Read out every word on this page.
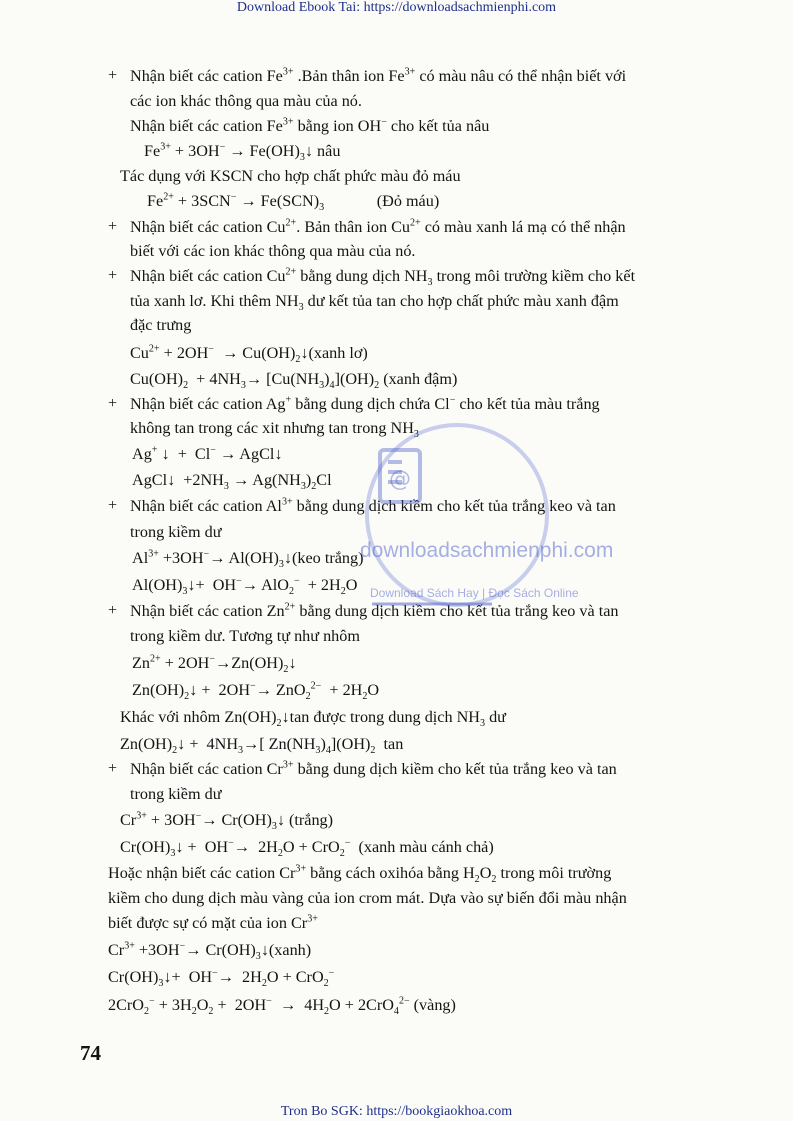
Download Ebook Tai: https://downloadsachmienphi.com
+
+
+
+
+
+
+
Nhận biết các cation $Fe^{3+}$ .Bản thân ion $Fe^{3+}$ có màu nâu có thể nhận biết với
các ion khác thông qua màu của nó.
Nhận biết các cation $Fe^{3+}$ bằng ion OH− cho kết tủa nâu
$Fe^{3+} + 3OH^-$ → $Fe(OH)_3↓$ nâu
Tác dụng với KSCN cho hợp chất phức màu đỏ máu
$Fe^{2+} + 3SCN^- \to Fe(SCN)_3$             (Đỏ máu)
Nhận biết các cation $Cu^{2+}$. Bản thân ion $Cu^{2+}$ có màu xanh lá mạ có thể nhận
biết với các ion khác thông qua màu của nó.
Nhận biết các cation $Cu^{2+}$ bằng dung dịch $NH_3$ trong môi trường kiềm cho kết
tủa xanh lơ. Khi thêm $NH_3$ dư kết tủa tan cho hợp chất phức màu xanh đậm
đặc trưng
$Cu^{2+} + 2OH^-$  → $Cu(OH)_2↓(xanh$ lơ)
$Cu(OH)_2 + 4NH_3\to [Cu(NH_3)_4](OH)_2$ (xanh đậm)
Nhận biết các cation Ag+ bằng dung dịch chứa Cl− cho kết tủa màu trắng
không tan trong các xit nhưng tan trong $NH_3$
Ag+ ↓  +  Cl− → AgCl↓
AgCl↓  $+2NH_3 \to Ag(NH_3)_2Cl$
Nhận biết các cation $Al^{3+}$ bằng dung dịch kiềm cho kết tủa trắng keo và tan
trong kiềm dư
$Al^{3+} +3OH^-\to$ $Al(OH)_3↓(keo$ trắng)
$Al(OH)_3↓+ OH^-\to AlO_2^- + 2H_2O$
Nhận biết các cation $Zn^{2+}$ bằng dung dịch kiềm cho kết tủa trắng keo và tan
trong kiềm dư. Tương tự như nhôm
$Zn^{2+}$ + $2OH^-\to Zn(OH)_2↓$
$Zn(OH)_2↓ + 2OH^-\to ZnO_2^{2-} + 2H_2O$
Khác với nhôm $Zn(OH)_2↓\tan$ được trong dung dịch $NH_3$ dư
$Zn(OH)_2↓ + 4NH_3\to$[ $Zn(NH_3)_4](OH)_2$  tan
Nhận biết các cation $Cr^{3+}$ bằng dung dịch kiềm cho kết tủa trắng keo và tan
trong kiềm dư
$Cr^{3+} + 3OH^-\to$ $Cr(OH)_3↓$ (trắng)
$Cr(OH)_3↓ + OH^-\to 2H_2O + CrO_2^-$  (xanh màu cánh chả)
Hoặc nhận biết các cation $Cr^{3+}$ bằng cách oxihóa bằng $H_2O_2$ trong môi trường
kiềm cho dung dịch màu vàng của ion crom mát. Dựa vào sự biến đổi màu nhận
biết được sự có mặt của ion $Cr^{3+}$
$Cr^{3+} +3OH^-\to$ $Cr(OH)_3↓(xanh)$
$Cr(OH)_3↓+ OH^-\to 2H_2O + CrO_2^-$
$2CrO_2^- + 3H_2O_2 + 2OH^- \to 4H_2O + 2CrO_4^{2-}$ (vàng)
@
downloadsachmienphi.com
Download Sách Hay | Đọc Sách Online
74
Tron Bo SGK: https://bookgiaokhoa.com
